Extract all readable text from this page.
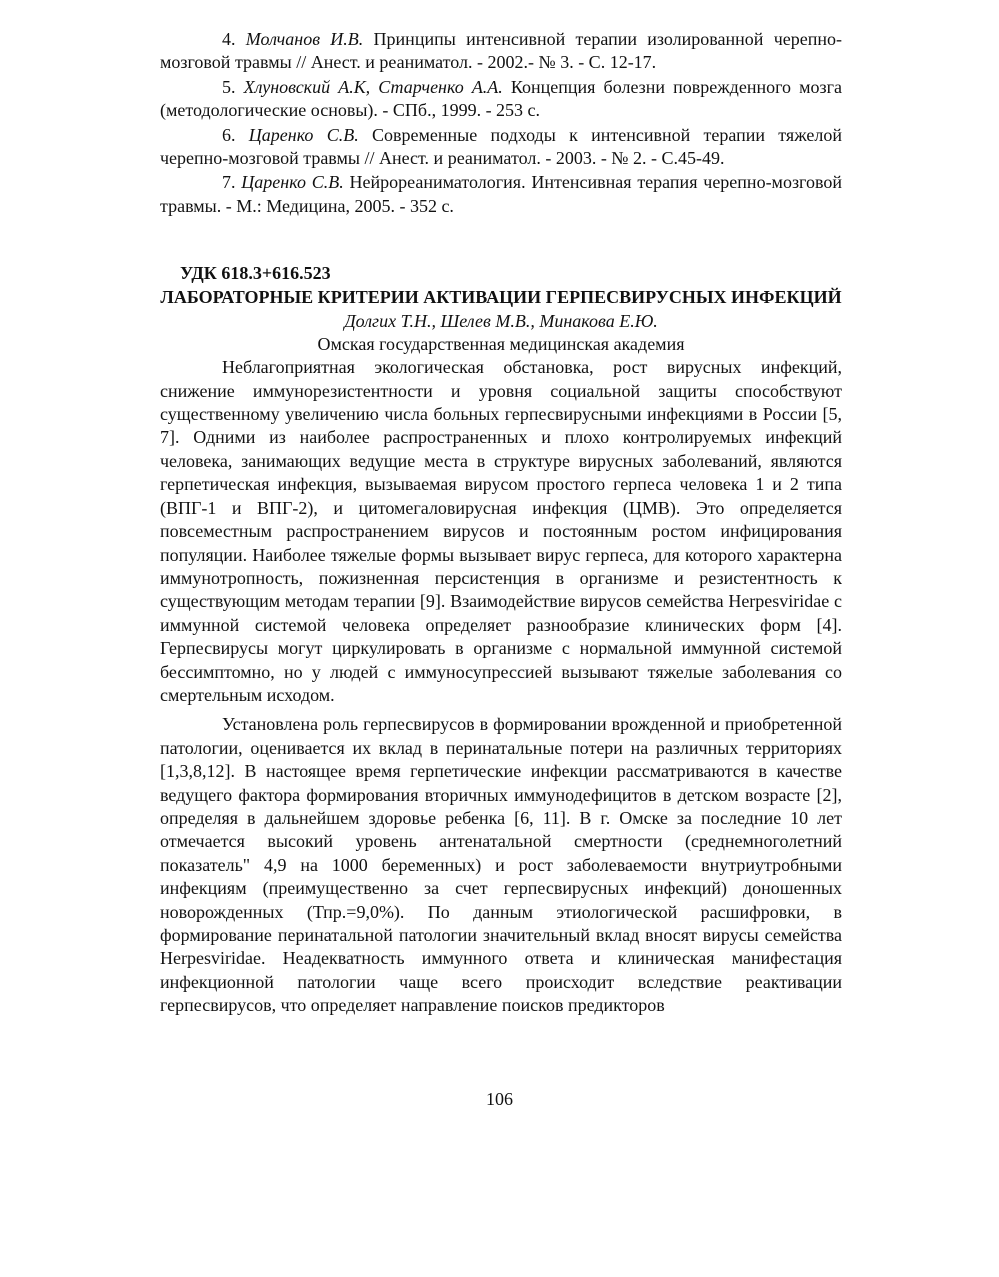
4. Молчанов И.В. Принципы интенсивной терапии изолированной черепно-мозговой травмы // Анест. и реаниматол. - 2002.- № 3. - С. 12-17.

5. Хлуновский А.К, Старченко А.А. Концепция болезни поврежденного мозга (методологические основы). - СПб., 1999. - 253 с.

6. Царенко С.В. Современные подходы к интенсивной терапии тяжелой черепно-мозговой травмы // Анест. и реаниматол. - 2003. - № 2. - С.45-49.

7. Царенко С.В. Нейрореаниматология. Интенсивная терапия черепно-мозговой травмы. - М.: Медицина, 2005. - 352 с.

УДК 618.3+616.523
ЛАБОРАТОРНЫЕ КРИТЕРИИ АКТИВАЦИИ ГЕРПЕСВИРУСНЫХ ИНФЕКЦИЙ
Долгих Т.Н., Шелев М.В., Минакова Е.Ю.
Омская государственная медицинская академия

Неблагоприятная экологическая обстановка, рост вирусных инфекций, снижение иммунорезистентности и уровня социальной защиты способствуют существенному увеличению числа больных герпесвирусными инфекциями в России [5, 7]. Одними из наиболее распространенных и плохо контролируемых инфекций человека, занимающих ведущие места в структуре вирусных заболеваний, являются герпетическая инфекция, вызываемая вирусом простого герпеса человека 1 и 2 типа (ВПГ-1 и ВПГ-2), и цитомегаловирусная инфекция (ЦМВ). Это определяется повсеместным распространением вирусов и постоянным ростом инфицирования популяции. Наиболее тяжелые формы вызывает вирус герпеса, для которого характерна иммунотропность, пожизненная персистенция в организме и резистентность к существующим методам терапии [9]. Взаимодействие вирусов семейства Herpesviridae с иммунной системой человека определяет разнообразие клинических форм [4]. Герпесвирусы могут циркулировать в организме с нормальной иммунной системой бессимптомно, но у людей с иммуносупрессией вызывают тяжелые заболевания со смертельным исходом.

Установлена роль герпесвирусов в формировании врожденной и приобретенной патологии, оценивается их вклад в перинатальные потери на различных территориях [1,3,8,12]. В настоящее время герпетические инфекции рассматриваются в качестве ведущего фактора формирования вторичных иммунодефицитов в детском возрасте [2], определяя в дальнейшем здоровье ребенка [6, 11]. В г. Омске за последние 10 лет отмечается высокий уровень антенатальной смертности (среднемноголетний показатель" 4,9 на 1000 беременных) и рост заболеваемости внутриутробными инфекциям (преимущественно за счет герпесвирусных инфекций) доношенных новорожденных (Тпр.=9,0%). По данным этиологической расшифровки, в формирование перинатальной патологии значительный вклад вносят вирусы семейства Herpesviridae. Неадекватность иммунного ответа и клиническая манифестация инфекционной патологии чаще всего происходит вследствие реактивации герпесвирусов, что определяет направление поисков предикторов

106
